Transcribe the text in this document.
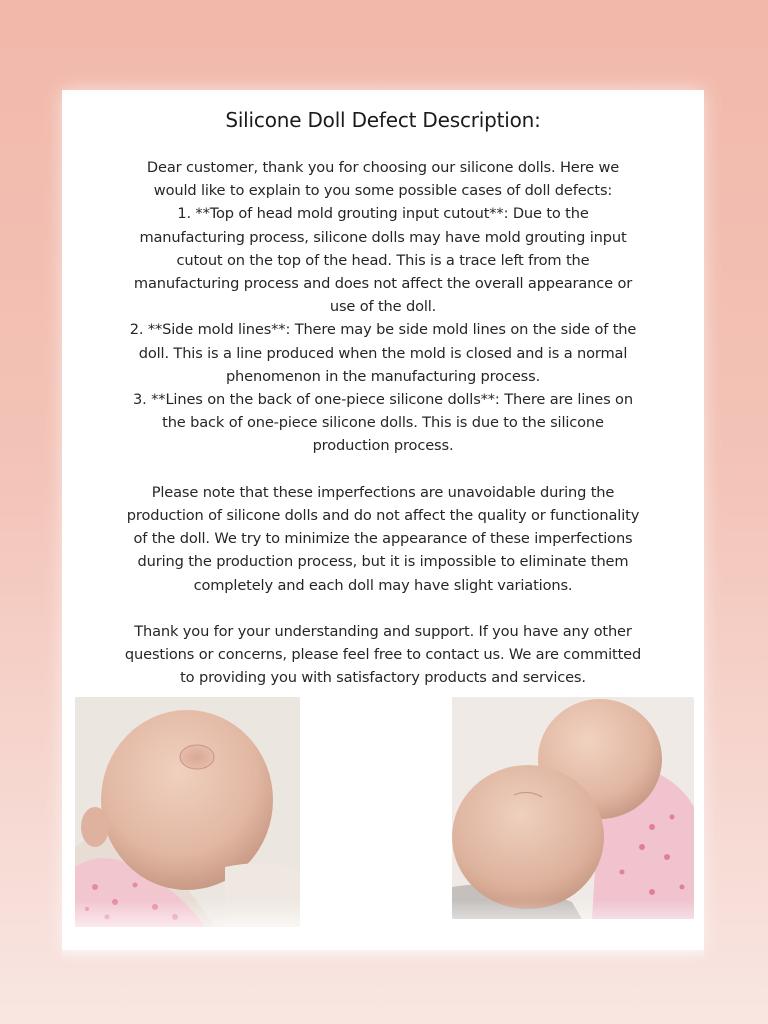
Silicone Doll Defect Description:

Dear customer, thank you for choosing our silicone dolls. Here we

would like to explain to you some possible cases of doll defects:

1. **Top of head mold grouting input cutout**: Due to the

manufacturing process, silicone dolls may have mold grouting input

cutout on the top of the head. This is a trace left from the

manufacturing process and does not affect the overall appearance or

use of the doll.

2. **Side mold lines**: There may be side mold lines on the side of the

doll. This is a line produced when the mold is closed and is a normal

phenomenon in the manufacturing process.

3. **Lines on the back of one-piece silicone dolls**: There are lines on

the back of one-piece silicone dolls. This is due to the silicone

production process.

Please note that these imperfections are unavoidable during the

production of silicone dolls and do not affect the quality or functionality

of the doll. We try to minimize the appearance of these imperfections

during the production process, but it is impossible to eliminate them

completely and each doll may have slight variations.

Thank you for your understanding and support. If you have any other

questions or concerns, please feel free to contact us. We are committed

to providing you with satisfactory products and services.
